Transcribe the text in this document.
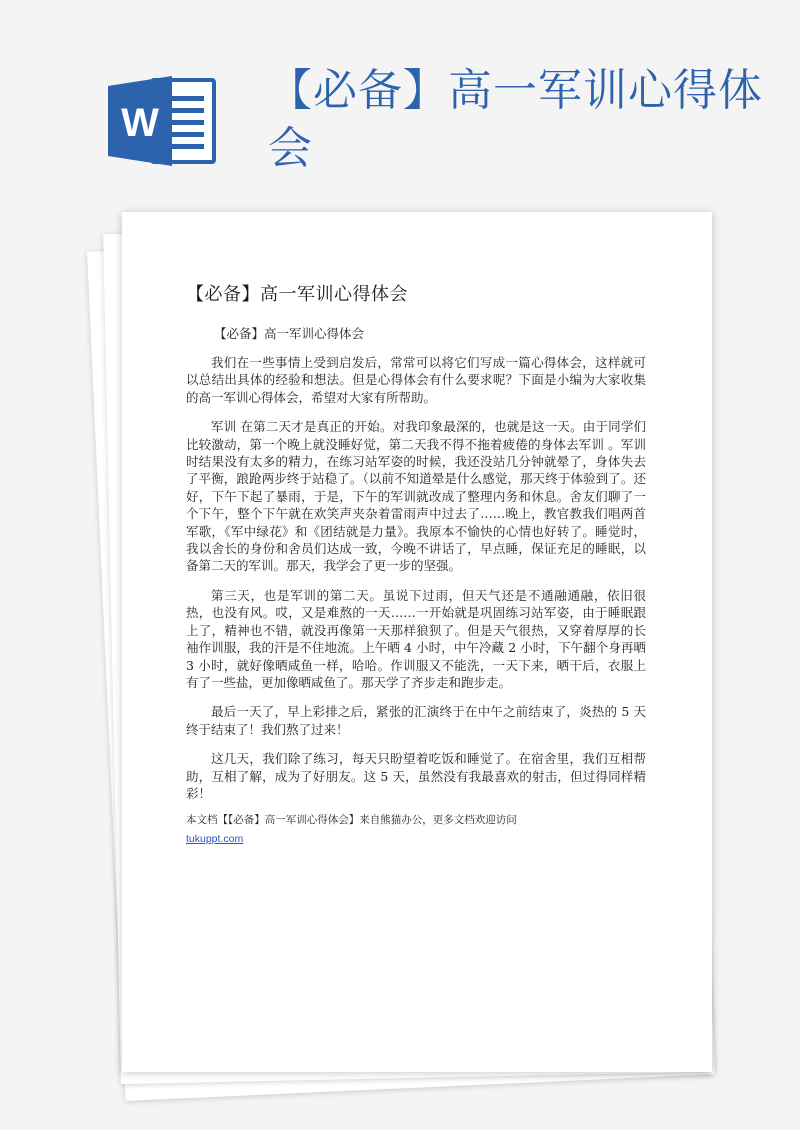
W
【必备】高一军训心得体会
【必备】高一军训心得体会

【必备】高一军训心得体会

我们在一些事情上受到启发后，常常可以将它们写成一篇心得体会，这样就可以总结出具体的经验和想法。但是心得体会有什么要求呢？下面是小编为大家收集的高一军训心得体会，希望对大家有所帮助。

军训 在第二天才是真正的开始。对我印象最深的，也就是这一天。由于同学们比较激动，第一个晚上就没睡好觉，第二天我不得不拖着疲倦的身体去军训 。军训时结果没有太多的精力，在练习站军姿的时候，我还没站几分钟就晕了，身体失去了平衡，踉跄两步终于站稳了。（以前不知道晕是什么感觉，那天终于体验到了。还好，下午下起了暴雨，于是，下午的军训就改成了整理内务和休息。舍友们聊了一个下午，整个下午就在欢笑声夹杂着雷雨声中过去了……晚上，教官教我们唱两首军歌，《军中绿花》和《团结就是力量》。我原本不愉快的心情也好转了。睡觉时，我以舍长的身份和舍员们达成一致，今晚不讲话了，早点睡，保证充足的睡眠，以备第二天的军训。那天，我学会了更一步的坚强。

第三天，也是军训的第二天。虽说下过雨，但天气还是不通融通融，依旧很热，也没有风。哎，又是难熬的一天……一开始就是巩固练习站军姿，由于睡眠跟上了，精神也不错，就没再像第一天那样狼狈了。但是天气很热，又穿着厚厚的长袖作训服，我的汗是不住地流。上午晒 4 小时，中午冷藏 2 小时，下午翻个身再晒 3 小时，就好像晒咸鱼一样，哈哈。作训服又不能洗，一天下来，晒干后，衣服上有了一些盐，更加像晒咸鱼了。那天学了齐步走和跑步走。

最后一天了，早上彩排之后，紧张的汇演终于在中午之前结束了，炎热的 5 天终于结束了！我们熬了过来！

这几天，我们除了练习，每天只盼望着吃饭和睡觉了。在宿舍里，我们互相帮助，互相了解，成为了好朋友。这 5 天，虽然没有我最喜欢的射击，但过得同样精彩！

本文档【【必备】高一军训心得体会】来自熊猫办公，更多文档欢迎访问
tukuppt.com
